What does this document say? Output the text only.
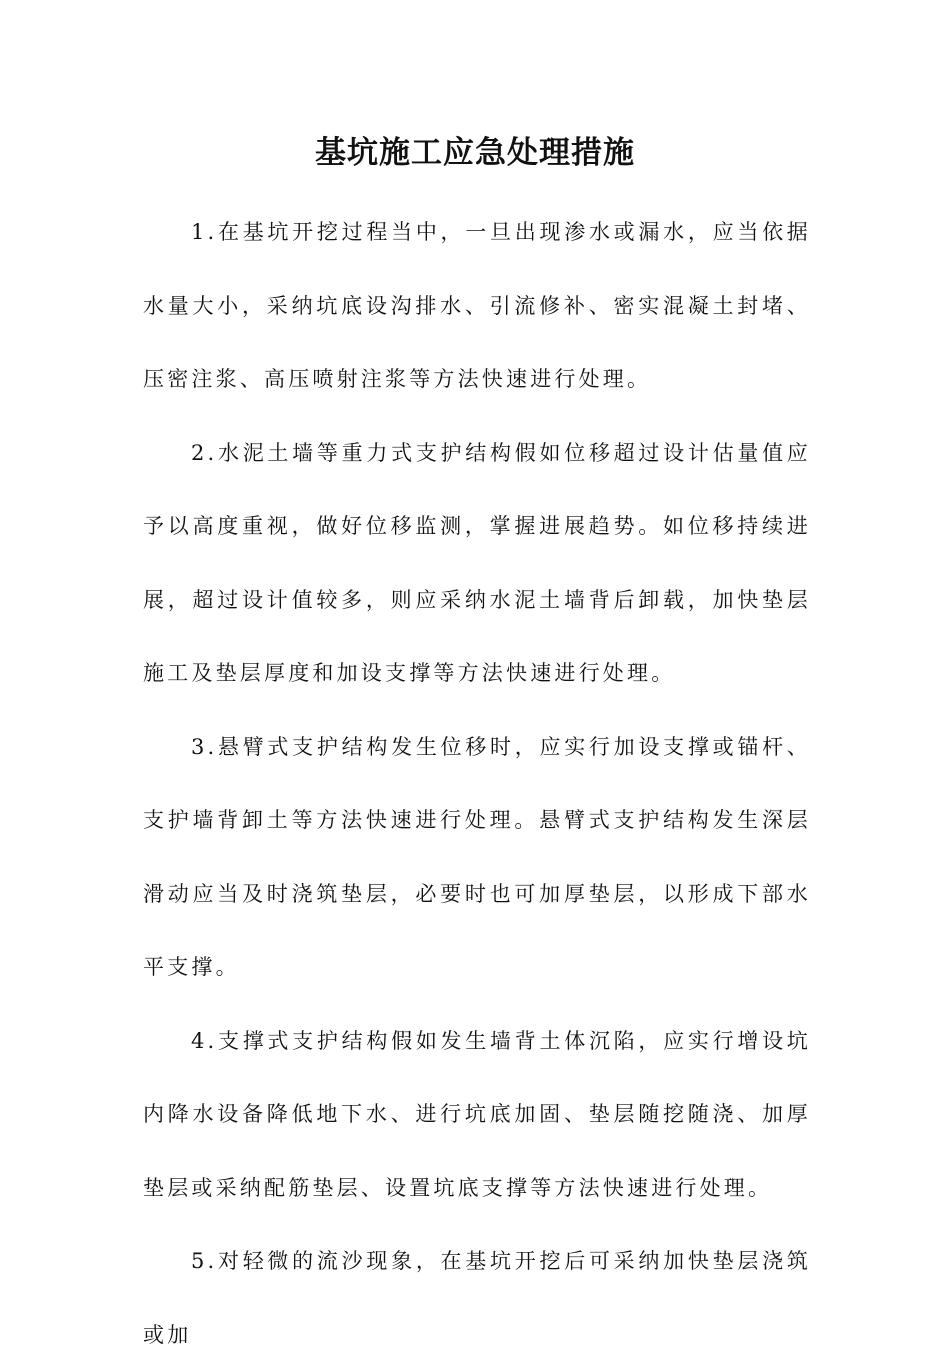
基坑施工应急处理措施

1.在基坑开挖过程当中，一旦出现渗水或漏水，应当依据水量大小，采纳坑底设沟排水、引流修补、密实混凝土封堵、压密注浆、高压喷射注浆等方法快速进行处理。

2.水泥土墙等重力式支护结构假如位移超过设计估量值应予以高度重视，做好位移监测，掌握进展趋势。如位移持续进展，超过设计值较多，则应采纳水泥土墙背后卸载，加快垫层施工及垫层厚度和加设支撑等方法快速进行处理。

3.悬臂式支护结构发生位移时，应实行加设支撑或锚杆、支护墙背卸土等方法快速进行处理。悬臂式支护结构发生深层滑动应当及时浇筑垫层，必要时也可加厚垫层，以形成下部水平支撑。

4.支撑式支护结构假如发生墙背土体沉陷，应实行增设坑内降水设备降低地下水、进行坑底加固、垫层随挖随浇、加厚垫层或采纳配筋垫层、设置坑底支撑等方法快速进行处理。

5.对轻微的流沙现象，在基坑开挖后可采纳加快垫层浇筑或加
